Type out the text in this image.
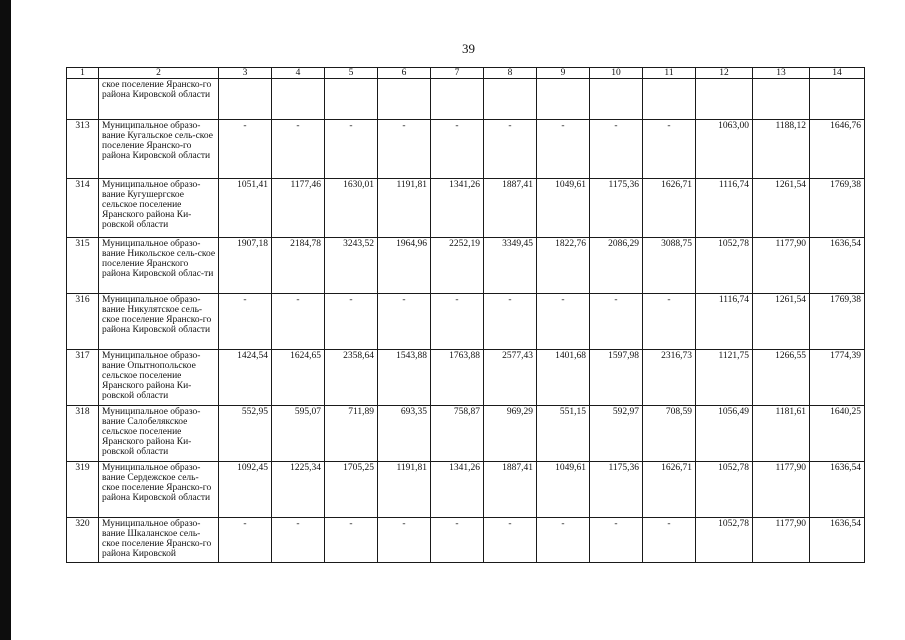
39
1	2	3	4	5	6	7	8	9	10	11	12	13	14
	ское поселение Яранско-го района Кировской области												
313	Муниципальное образо-вание Кугальское сель-ское поселение Яранско-го района Кировской области	-	-	-	-	-	-	-	-	-	1063,00	1188,12	1646,76
314	Муниципальное образо-вание Кугушергское сельское поселение Яранского района Ки-ровской области	1051,41	1177,46	1630,01	1191,81	1341,26	1887,41	1049,61	1175,36	1626,71	1116,74	1261,54	1769,38
315	Муниципальное образо-вание Никольское сель-ское поселение Яранского района Кировской облас-ти	1907,18	2184,78	3243,52	1964,96	2252,19	3349,45	1822,76	2086,29	3088,75	1052,78	1177,90	1636,54
316	Муниципальное образо-вание Никулятское сель-ское поселение Яранско-го района Кировской области	-	-	-	-	-	-	-	-	-	1116,74	1261,54	1769,38
317	Муниципальное образо-вание Опытнопольское сельское поселение Яранского района Ки-ровской области	1424,54	1624,65	2358,64	1543,88	1763,88	2577,43	1401,68	1597,98	2316,73	1121,75	1266,55	1774,39
318	Муниципальное образо-вание Салобелякское сельское поселение Яранского района Ки-ровской области	552,95	595,07	711,89	693,35	758,87	969,29	551,15	592,97	708,59	1056,49	1181,61	1640,25
319	Муниципальное образо-вание Сердежское сель-ское поселение Яранско-го района Кировской области	1092,45	1225,34	1705,25	1191,81	1341,26	1887,41	1049,61	1175,36	1626,71	1052,78	1177,90	1636,54
320	Муниципальное образо-вание Шкаланское сель-ское поселение Яранско-го района Кировской	-	-	-	-	-	-	-	-	-	1052,78	1177,90	1636,54
